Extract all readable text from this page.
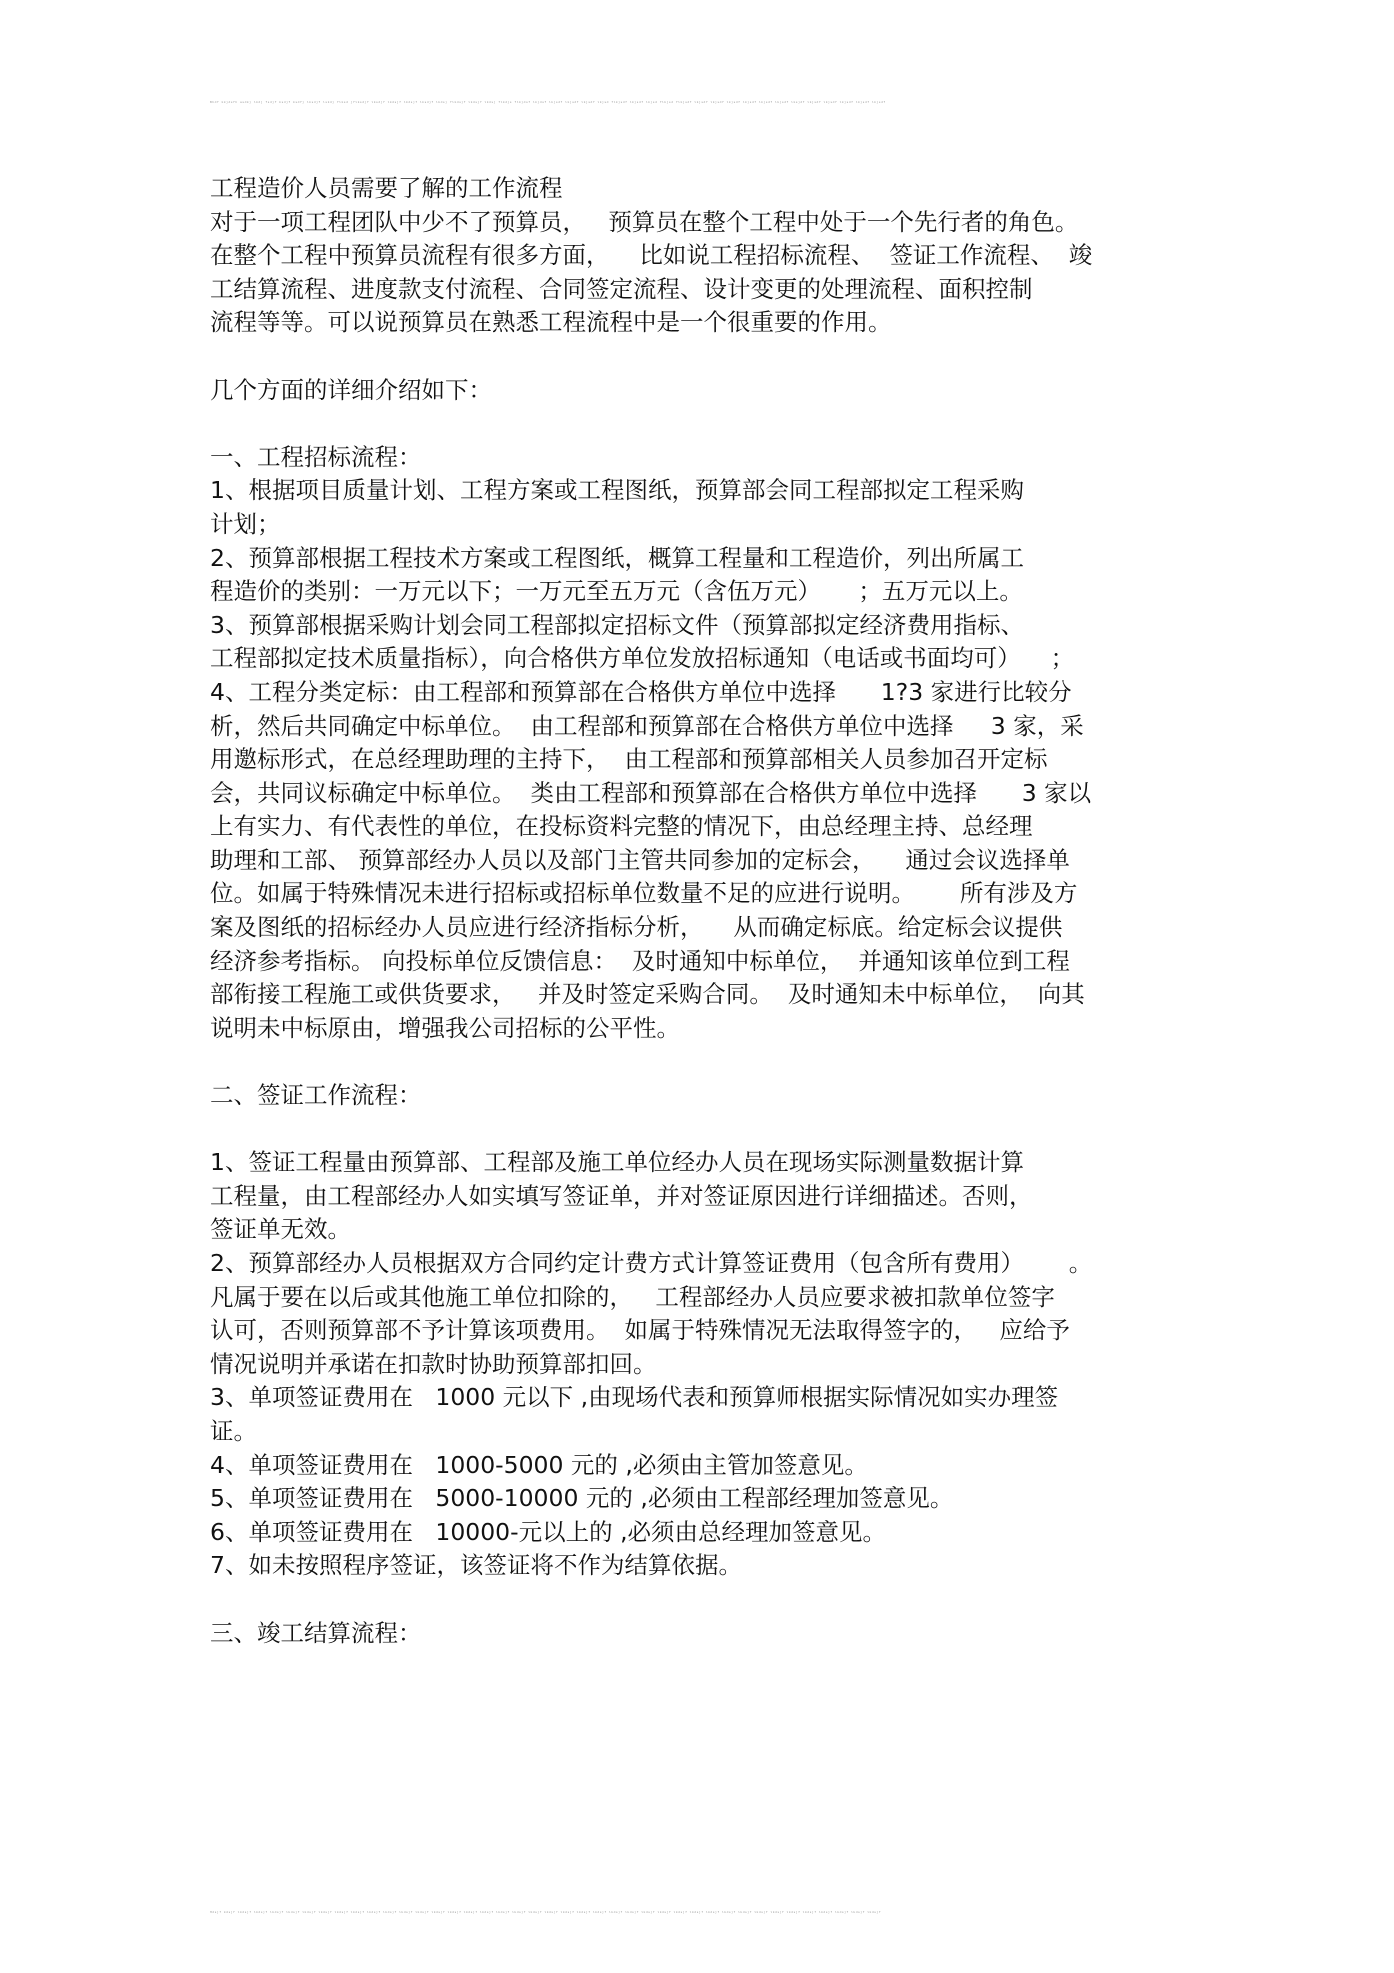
Bhdf kkjdsfh asdkj lkdj fsdjf ksdjf ksdfj lksdjf lskdj flksd jflksdjf lksdjf lkdsjf lkdsjf lksdjf lkdsj flkdsjf lkdsjf lkdsj flkdjs flkjdsf lkjdsf lkjsdf lkjsdf lkjsdf lkjsd flkjsdf lkjsdf lkjsd flkjsd flkjsdf lkjsdf lkjsdf lkjsdf lkjsdf lkjsdf lkjsdf lksjdf lkjsdf lkjsdf lkjsdf lkjsdf lkjsdf

工程造价人员需要了解的工作流程

对于一项工程团队中少不了预算员，   预算员在整个工程中处于一个先行者的角色。

在整个工程中预算员流程有很多方面，    比如说工程招标流程、  签证工作流程、  竣

工结算流程、进度款支付流程、合同签定流程、设计变更的处理流程、面积控制

流程等等。可以说预算员在熟悉工程流程中是一个很重要的作用。

几个方面的详细介绍如下：

一、工程招标流程：

1、根据项目质量计划、工程方案或工程图纸，预算部会同工程部拟定工程采购

计划；

2、预算部根据工程技术方案或工程图纸，概算工程量和工程造价，列出所属工

程造价的类别：一万元以下；一万元至五万元（含伍万元）     ；五万元以上。

3、预算部根据采购计划会同工程部拟定招标文件（预算部拟定经济费用指标、

工程部拟定技术质量指标），向合格供方单位发放招标通知（电话或书面均可）    ；

4、工程分类定标：由工程部和预算部在合格供方单位中选择      1?3 家进行比较分

析，然后共同确定中标单位。  由工程部和预算部在合格供方单位中选择     3 家，采

用邀标形式，在总经理助理的主持下，  由工程部和预算部相关人员参加召开定标

会，共同议标确定中标单位。  类由工程部和预算部在合格供方单位中选择      3 家以

上有实力、有代表性的单位，在投标资料完整的情况下，由总经理主持、总经理

助理和工部、 预算部经办人员以及部门主管共同参加的定标会，    通过会议选择单

位。如属于特殊情况未进行招标或招标单位数量不足的应进行说明。      所有涉及方

案及图纸的招标经办人员应进行经济指标分析，    从而确定标底。给定标会议提供

经济参考指标。 向投标单位反馈信息：  及时通知中标单位，  并通知该单位到工程

部衔接工程施工或供货要求，   并及时签定采购合同。  及时通知未中标单位，  向其

说明未中标原由，增强我公司招标的公平性。

二、签证工作流程：

1、签证工程量由预算部、工程部及施工单位经办人员在现场实际测量数据计算

工程量，由工程部经办人如实填写签证单，并对签证原因进行详细描述。否则，

签证单无效。

2、预算部经办人员根据双方合同约定计费方式计算签证费用（包含所有费用）      。

凡属于要在以后或其他施工单位扣除的，   工程部经办人员应要求被扣款单位签字

认可，否则预算部不予计算该项费用。  如属于特殊情况无法取得签字的，   应给予

情况说明并承诺在扣款时协助预算部扣回。

3、单项签证费用在   1000 元以下 ,由现场代表和预算师根据实际情况如实办理签

证。

4、单项签证费用在   1000-5000 元的 ,必须由主管加签意见。

5、单项签证费用在   5000-10000 元的 ,必须由工程部经理加签意见。

6、单项签证费用在   10000-元以上的 ,必须由总经理加签意见。

7、如未按照程序签证，该签证将不作为结算依据。

三、竣工结算流程：

Hdsjf kdsjf lkdsjf lkdsjf lkdsjf lkdsjf lkdsjf lkdsjf lkdsjf lkdsjf lkdsjf lkdsjf lkdsjf lkdsjf lkdsjf lkdsjf lkdsjf lkdsjf lkdsjf lkdsjf lkdsjf lkdsjf lkdsjf lkdsjf lkdsjf lkdsjf lkdsjf lkdsjf lkdsjf lkdsjf lkdsjf lkdsjf lkdsjf lkdsjf lkdsjf lkdsjf lkdsjf lkdsjf lkdsjf lkdsjf lkdsjf lkdsjf
